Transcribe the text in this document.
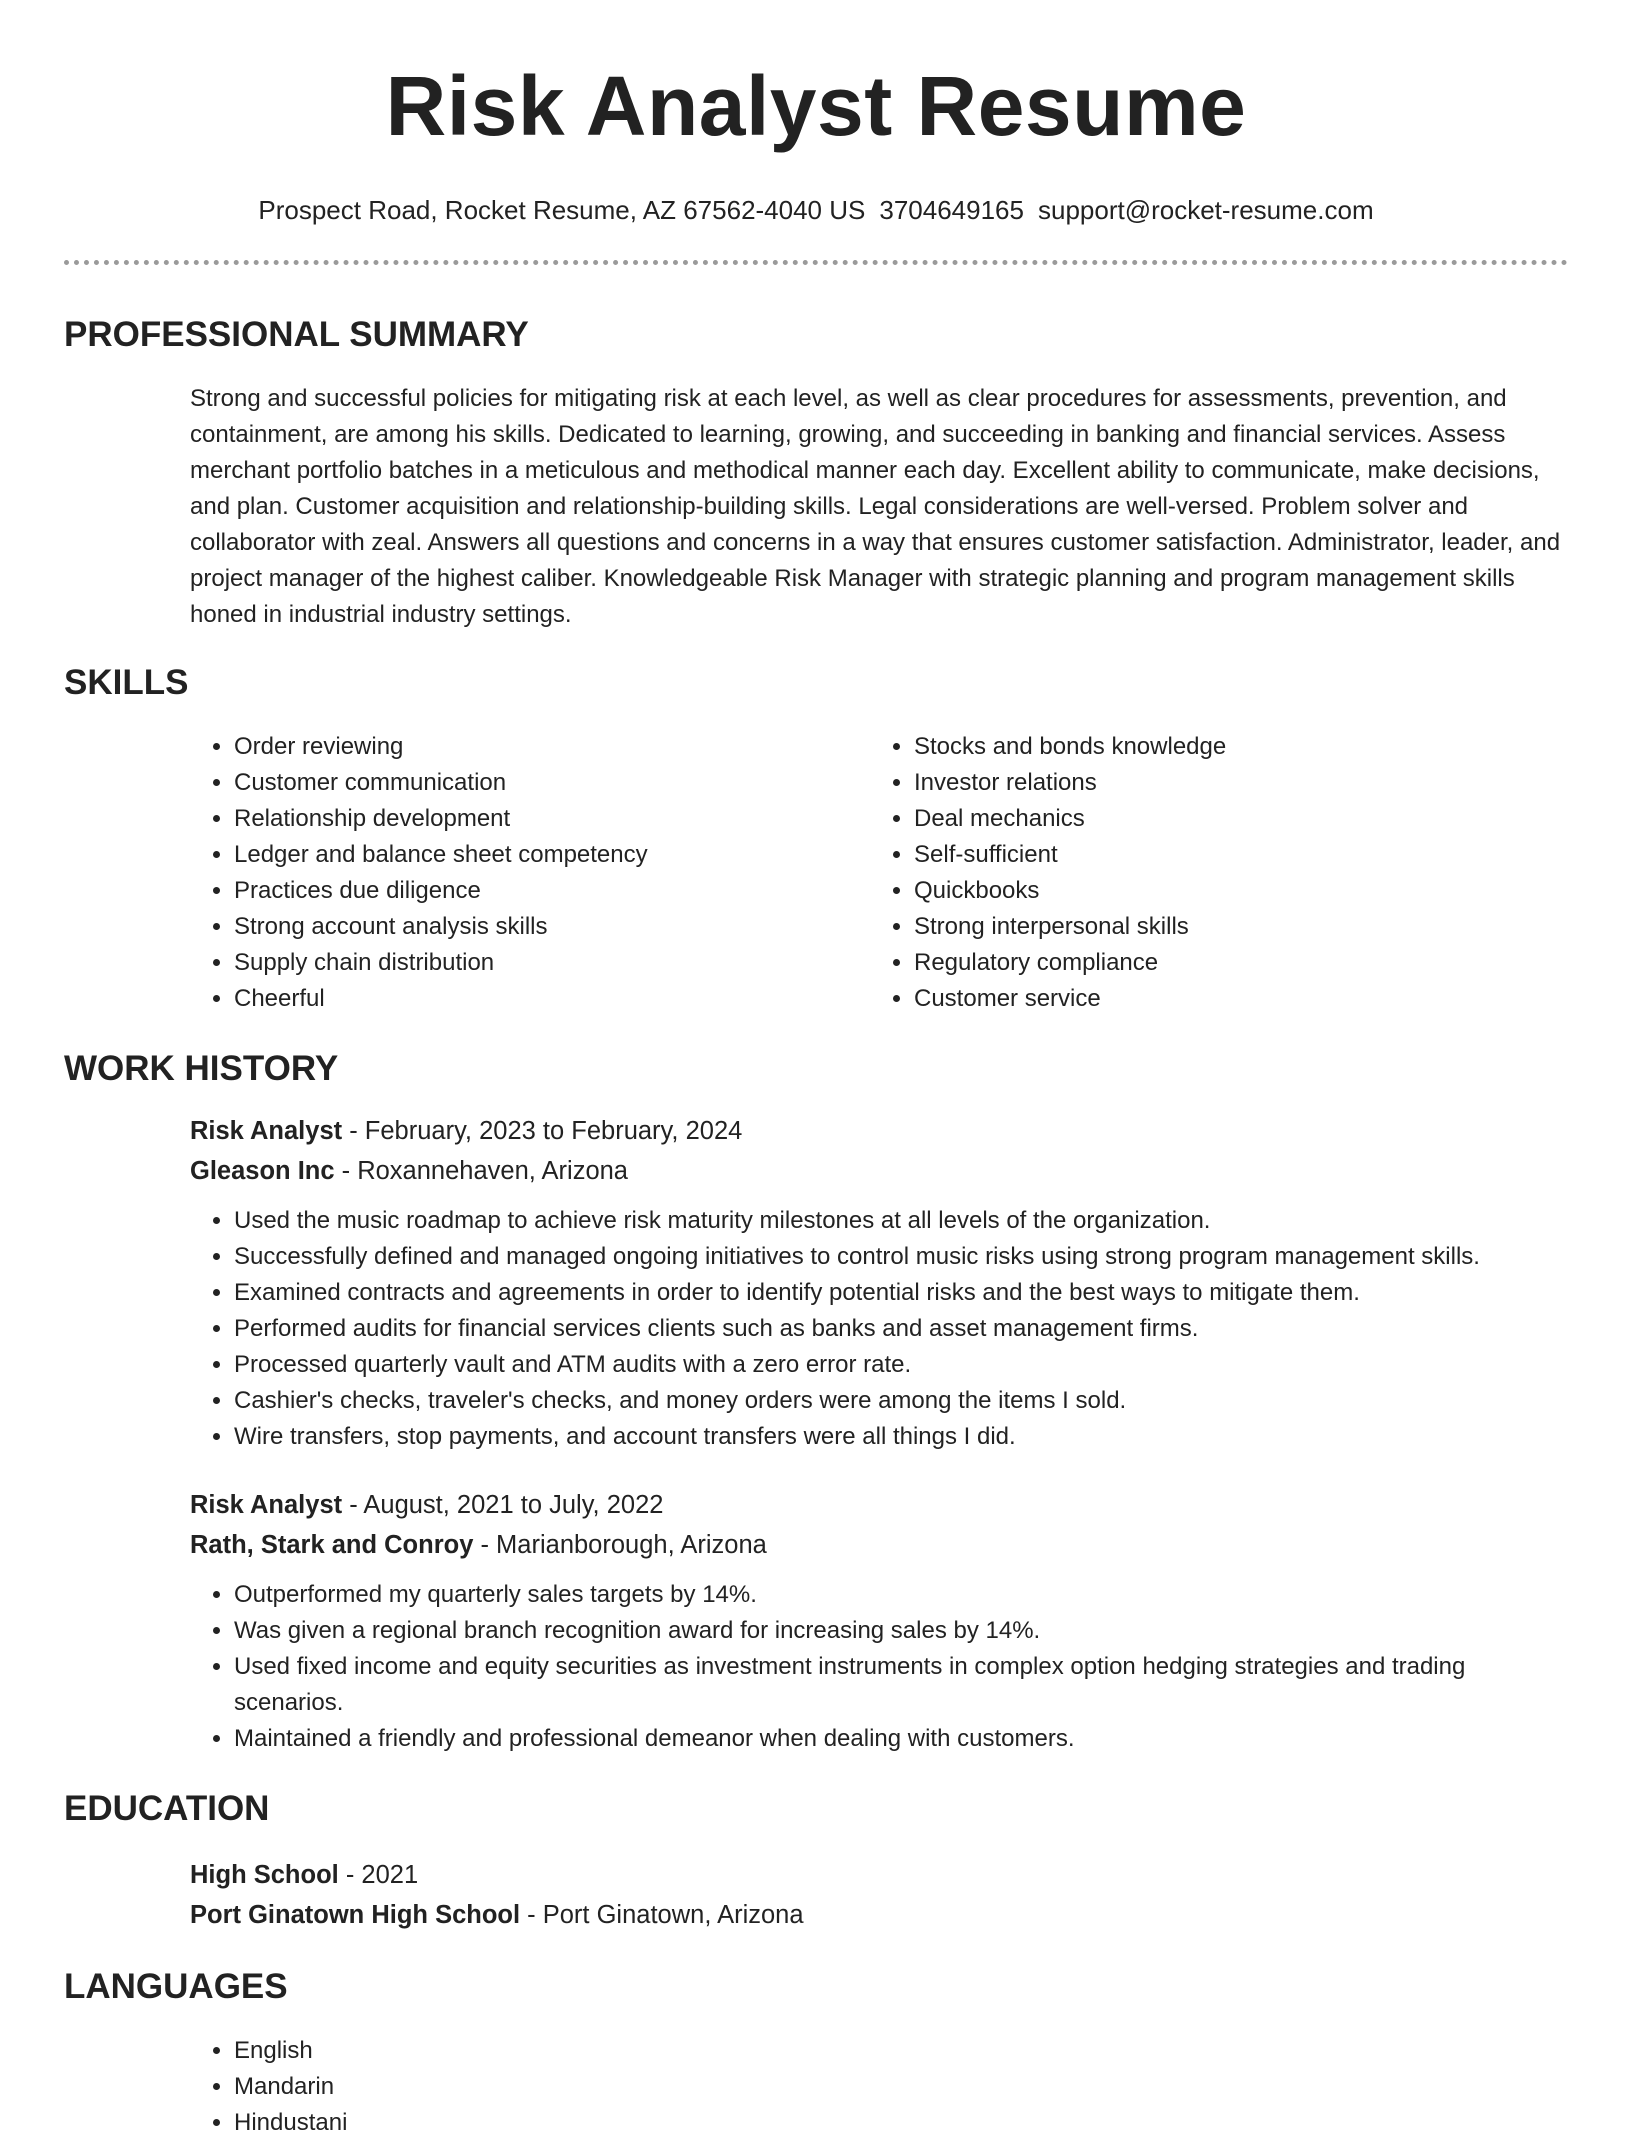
Risk Analyst Resume
Prospect Road, Rocket Resume, AZ 67562-4040 US 3704649165 support@rocket-resume.com
PROFESSIONAL SUMMARY
Strong and successful policies for mitigating risk at each level, as well as clear procedures for assessments, prevention, and containment, are among his skills. Dedicated to learning, growing, and succeeding in banking and financial services. Assess merchant portfolio batches in a meticulous and methodical manner each day. Excellent ability to communicate, make decisions, and plan. Customer acquisition and relationship-building skills. Legal considerations are well-versed. Problem solver and collaborator with zeal. Answers all questions and concerns in a way that ensures customer satisfaction. Administrator, leader, and project manager of the highest caliber. Knowledgeable Risk Manager with strategic planning and program management skills honed in industrial industry settings.
SKILLS
• Order reviewing
• Customer communication
• Relationship development
• Ledger and balance sheet competency
• Practices due diligence
• Strong account analysis skills
• Supply chain distribution
• Cheerful
• Stocks and bonds knowledge
• Investor relations
• Deal mechanics
• Self-sufficient
• Quickbooks
• Strong interpersonal skills
• Regulatory compliance
• Customer service
WORK HISTORY
Risk Analyst - February, 2023 to February, 2024
Gleason Inc - Roxannehaven, Arizona
• Used the music roadmap to achieve risk maturity milestones at all levels of the organization.
• Successfully defined and managed ongoing initiatives to control music risks using strong program management skills.
• Examined contracts and agreements in order to identify potential risks and the best ways to mitigate them.
• Performed audits for financial services clients such as banks and asset management firms.
• Processed quarterly vault and ATM audits with a zero error rate.
• Cashier's checks, traveler's checks, and money orders were among the items I sold.
• Wire transfers, stop payments, and account transfers were all things I did.
Risk Analyst - August, 2021 to July, 2022
Rath, Stark and Conroy - Marianborough, Arizona
• Outperformed my quarterly sales targets by 14%.
• Was given a regional branch recognition award for increasing sales by 14%.
• Used fixed income and equity securities as investment instruments in complex option hedging strategies and trading scenarios.
• Maintained a friendly and professional demeanor when dealing with customers.
EDUCATION
High School - 2021
Port Ginatown High School - Port Ginatown, Arizona
LANGUAGES
• English
• Mandarin
• Hindustani
